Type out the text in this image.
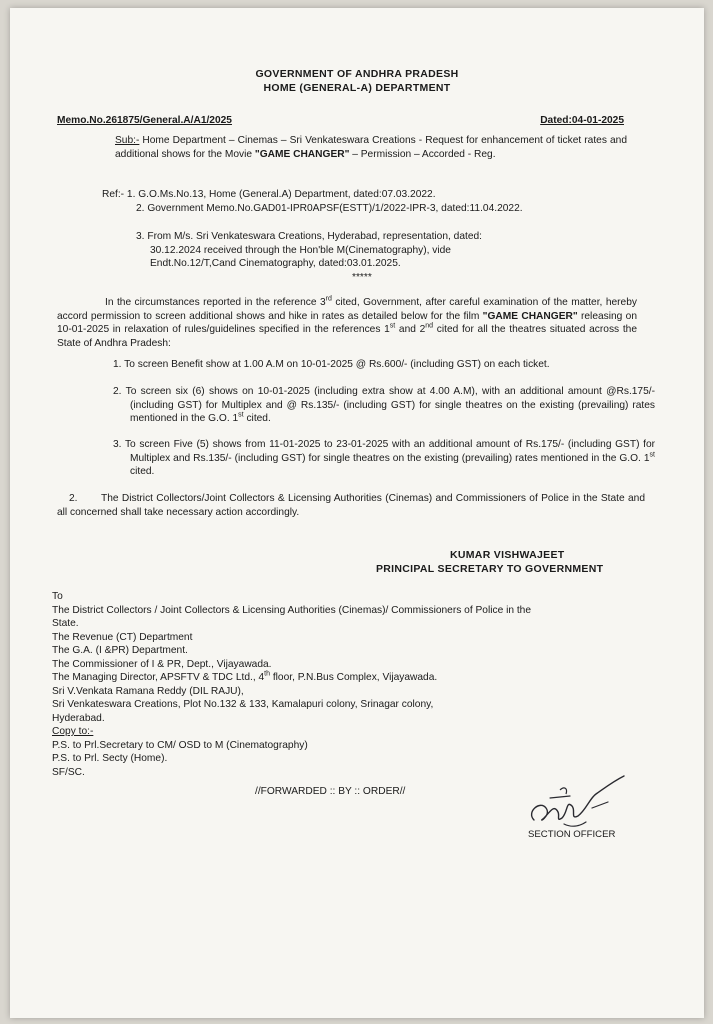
GOVERNMENT OF ANDHRA PRADESH
HOME (GENERAL-A) DEPARTMENT
Memo.No.261875/General.A/A1/2025	Dated:04-01-2025
Sub:- Home Department – Cinemas – Sri Venkateswara Creations - Request for enhancement of ticket rates and additional shows for the Movie "GAME CHANGER" – Permission – Accorded - Reg.
Ref:- 1. G.O.Ms.No.13, Home (General.A) Department, dated:07.03.2022.
2. Government Memo.No.GAD01-IPR0APSF(ESTT)/1/2022-IPR-3, dated:11.04.2022.
3. From M/s. Sri Venkateswara Creations, Hyderabad, representation, dated: 30.12.2024 received through the Hon'ble M(Cinematography), vide Endt.No.12/T,Cand Cinematography, dated:03.01.2025.
*****
In the circumstances reported in the reference 3rd cited, Government, after careful examination of the matter, hereby accord permission to screen additional shows and hike in rates as detailed below for the film "GAME CHANGER" releasing on 10-01-2025 in relaxation of rules/guidelines specified in the references 1st and 2nd cited for all the theatres situated across the State of Andhra Pradesh:
1. To screen Benefit show at 1.00 A.M on 10-01-2025 @ Rs.600/- (including GST) on each ticket.
2. To screen six (6) shows on 10-01-2025 (including extra show at 4.00 A.M), with an additional amount @Rs.175/- (including GST) for Multiplex and @ Rs.135/- (including GST) for single theatres on the existing (prevailing) rates mentioned in the G.O. 1st cited.
3. To screen Five (5) shows from 11-01-2025 to 23-01-2025 with an additional amount of Rs.175/- (including GST) for Multiplex and Rs.135/- (including GST) for single theatres on the existing (prevailing) rates mentioned in the G.O. 1st cited.
2. The District Collectors/Joint Collectors & Licensing Authorities (Cinemas) and Commissioners of Police in the State and all concerned shall take necessary action accordingly.
KUMAR VISHWAJEET
PRINCIPAL SECRETARY TO GOVERNMENT
To
The District Collectors / Joint Collectors & Licensing Authorities (Cinemas)/ Commissioners of Police in the
State.
The Revenue (CT) Department
The G.A. (I &PR) Department.
The Commissioner of I & PR, Dept., Vijayawada.
The Managing Director, APSFTV & TDC Ltd., 4th floor, P.N.Bus Complex, Vijayawada.
Sri V.Venkata Ramana Reddy (DIL RAJU),
Sri Venkateswara Creations, Plot No.132 & 133, Kamalapuri colony, Srinagar colony,
Hyderabad.
Copy to:-
P.S. to Prl.Secretary to CM/ OSD to M (Cinematography)
P.S. to Prl. Secty (Home).
SF/SC.
//FORWARDED :: BY :: ORDER//
SECTION OFFICER
